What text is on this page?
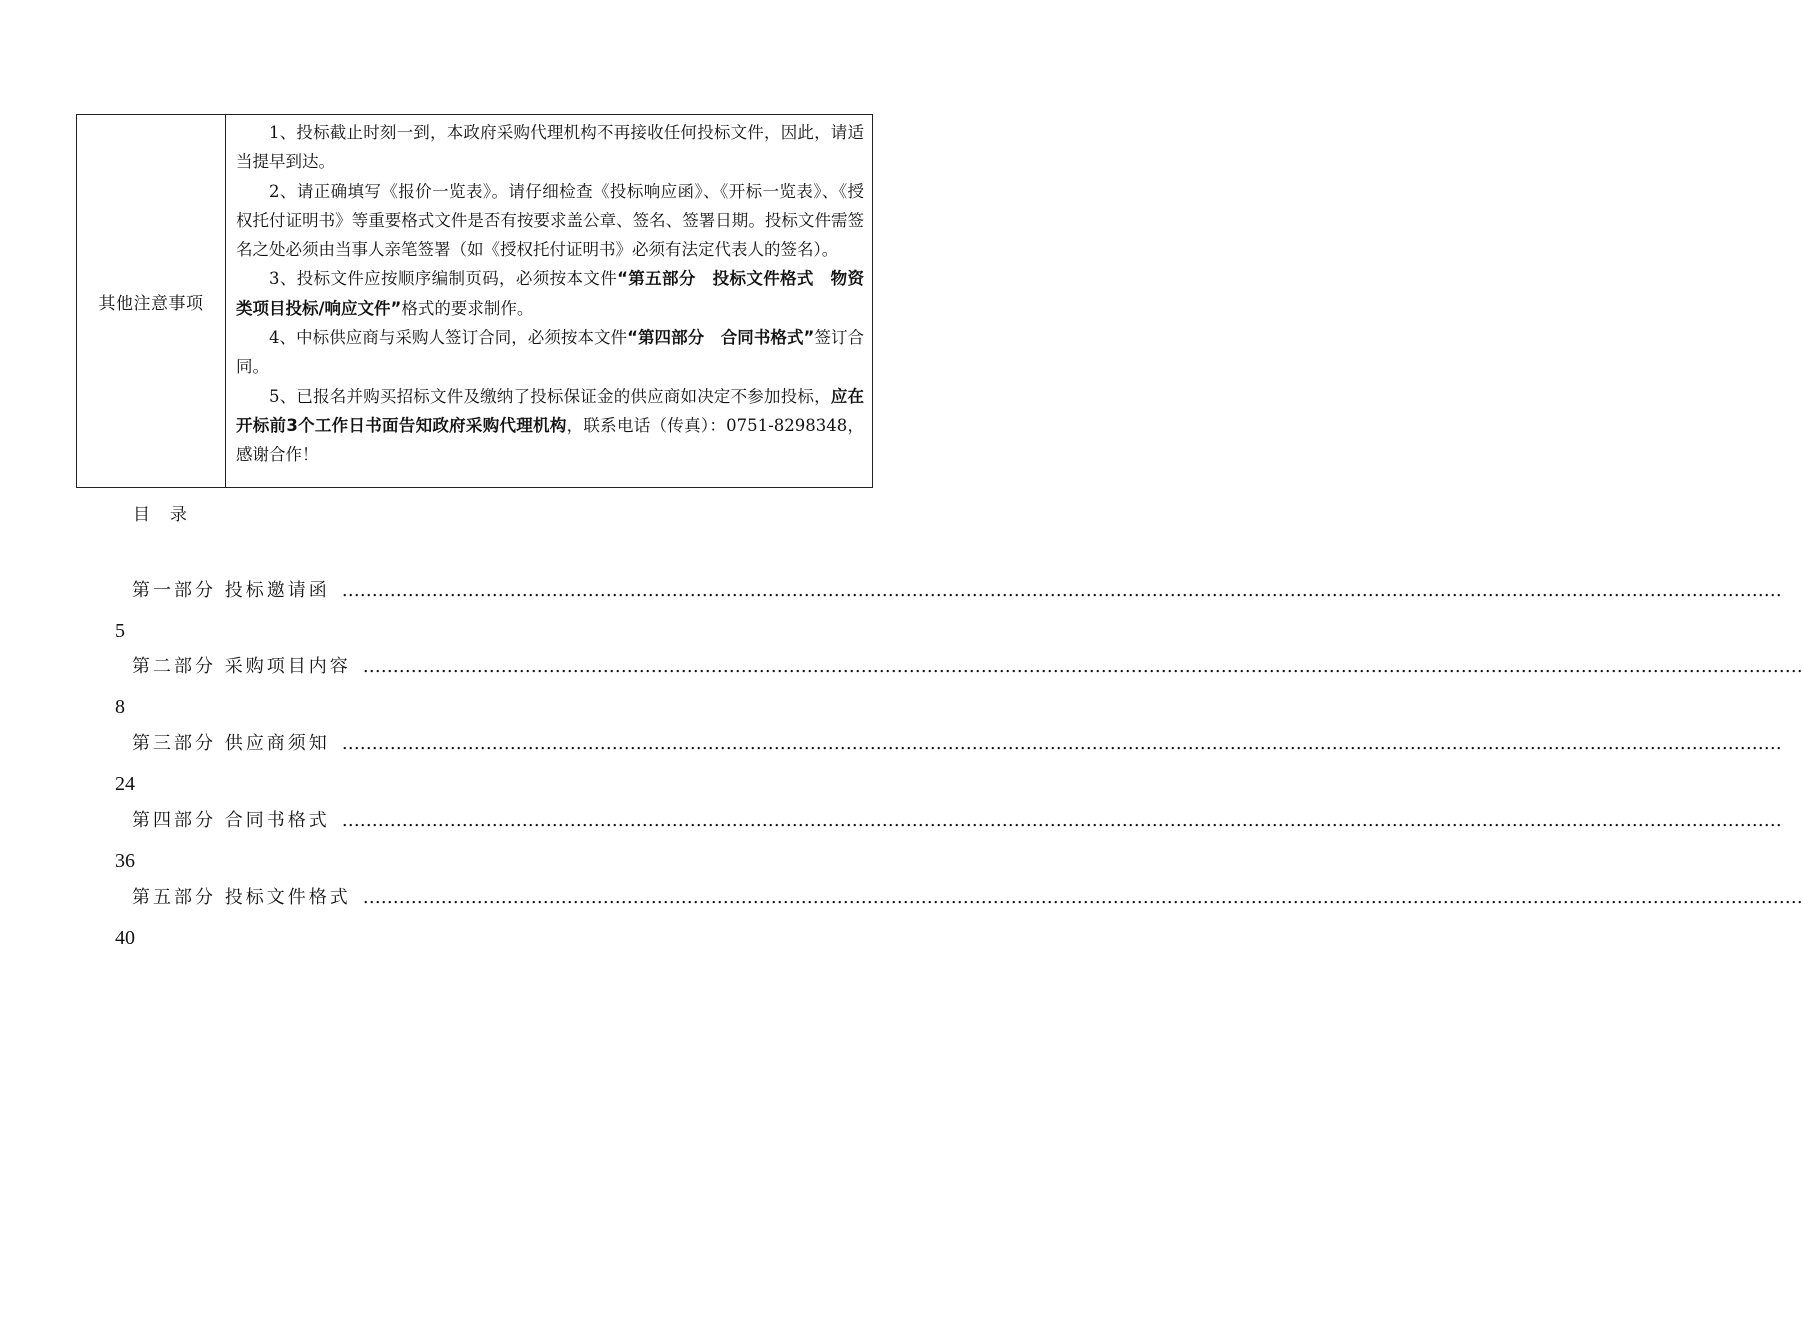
其他注意事项

1、投标截止时刻一到，本政府采购代理机构不再接收任何投标文件，因此，请适当提早到达。

2、请正确填写《报价一览表》。请仔细检查《投标响应函》、《开标一览表》、《授权托付证明书》等重要格式文件是否有按要求盖公章、签名、签署日期。投标文件需签名之处必须由当事人亲笔签署（如《授权托付证明书》必须有法定代表人的签名）。

3、投标文件应按顺序编制页码，必须按本文件“第五部分　投标文件格式　物资类项目投标/响应文件”格式的要求制作。

4、中标供应商与采购人签订合同，必须按本文件“第四部分　合同书格式”签订合同。

5、已报名并购买招标文件及缴纳了投标保证金的供应商如决定不参加投标，应在开标前3个工作日书面告知政府采购代理机构，联系电话（传真）：0751-8298348，感谢合作！

目录
第一部分 投标邀请函 ……………………………………………………………………………………………………………………………………………………………………………………………………………………
5
第二部分 采购项目内容 ……………………………………………………………………………………………………………………………………………………………………………………………………………………
8
第三部分 供应商须知 ……………………………………………………………………………………………………………………………………………………………………………………………………………………
24
第四部分 合同书格式 ……………………………………………………………………………………………………………………………………………………………………………………………………………………
36
第五部分 投标文件格式 ……………………………………………………………………………………………………………………………………………………………………………………………………………………
40
